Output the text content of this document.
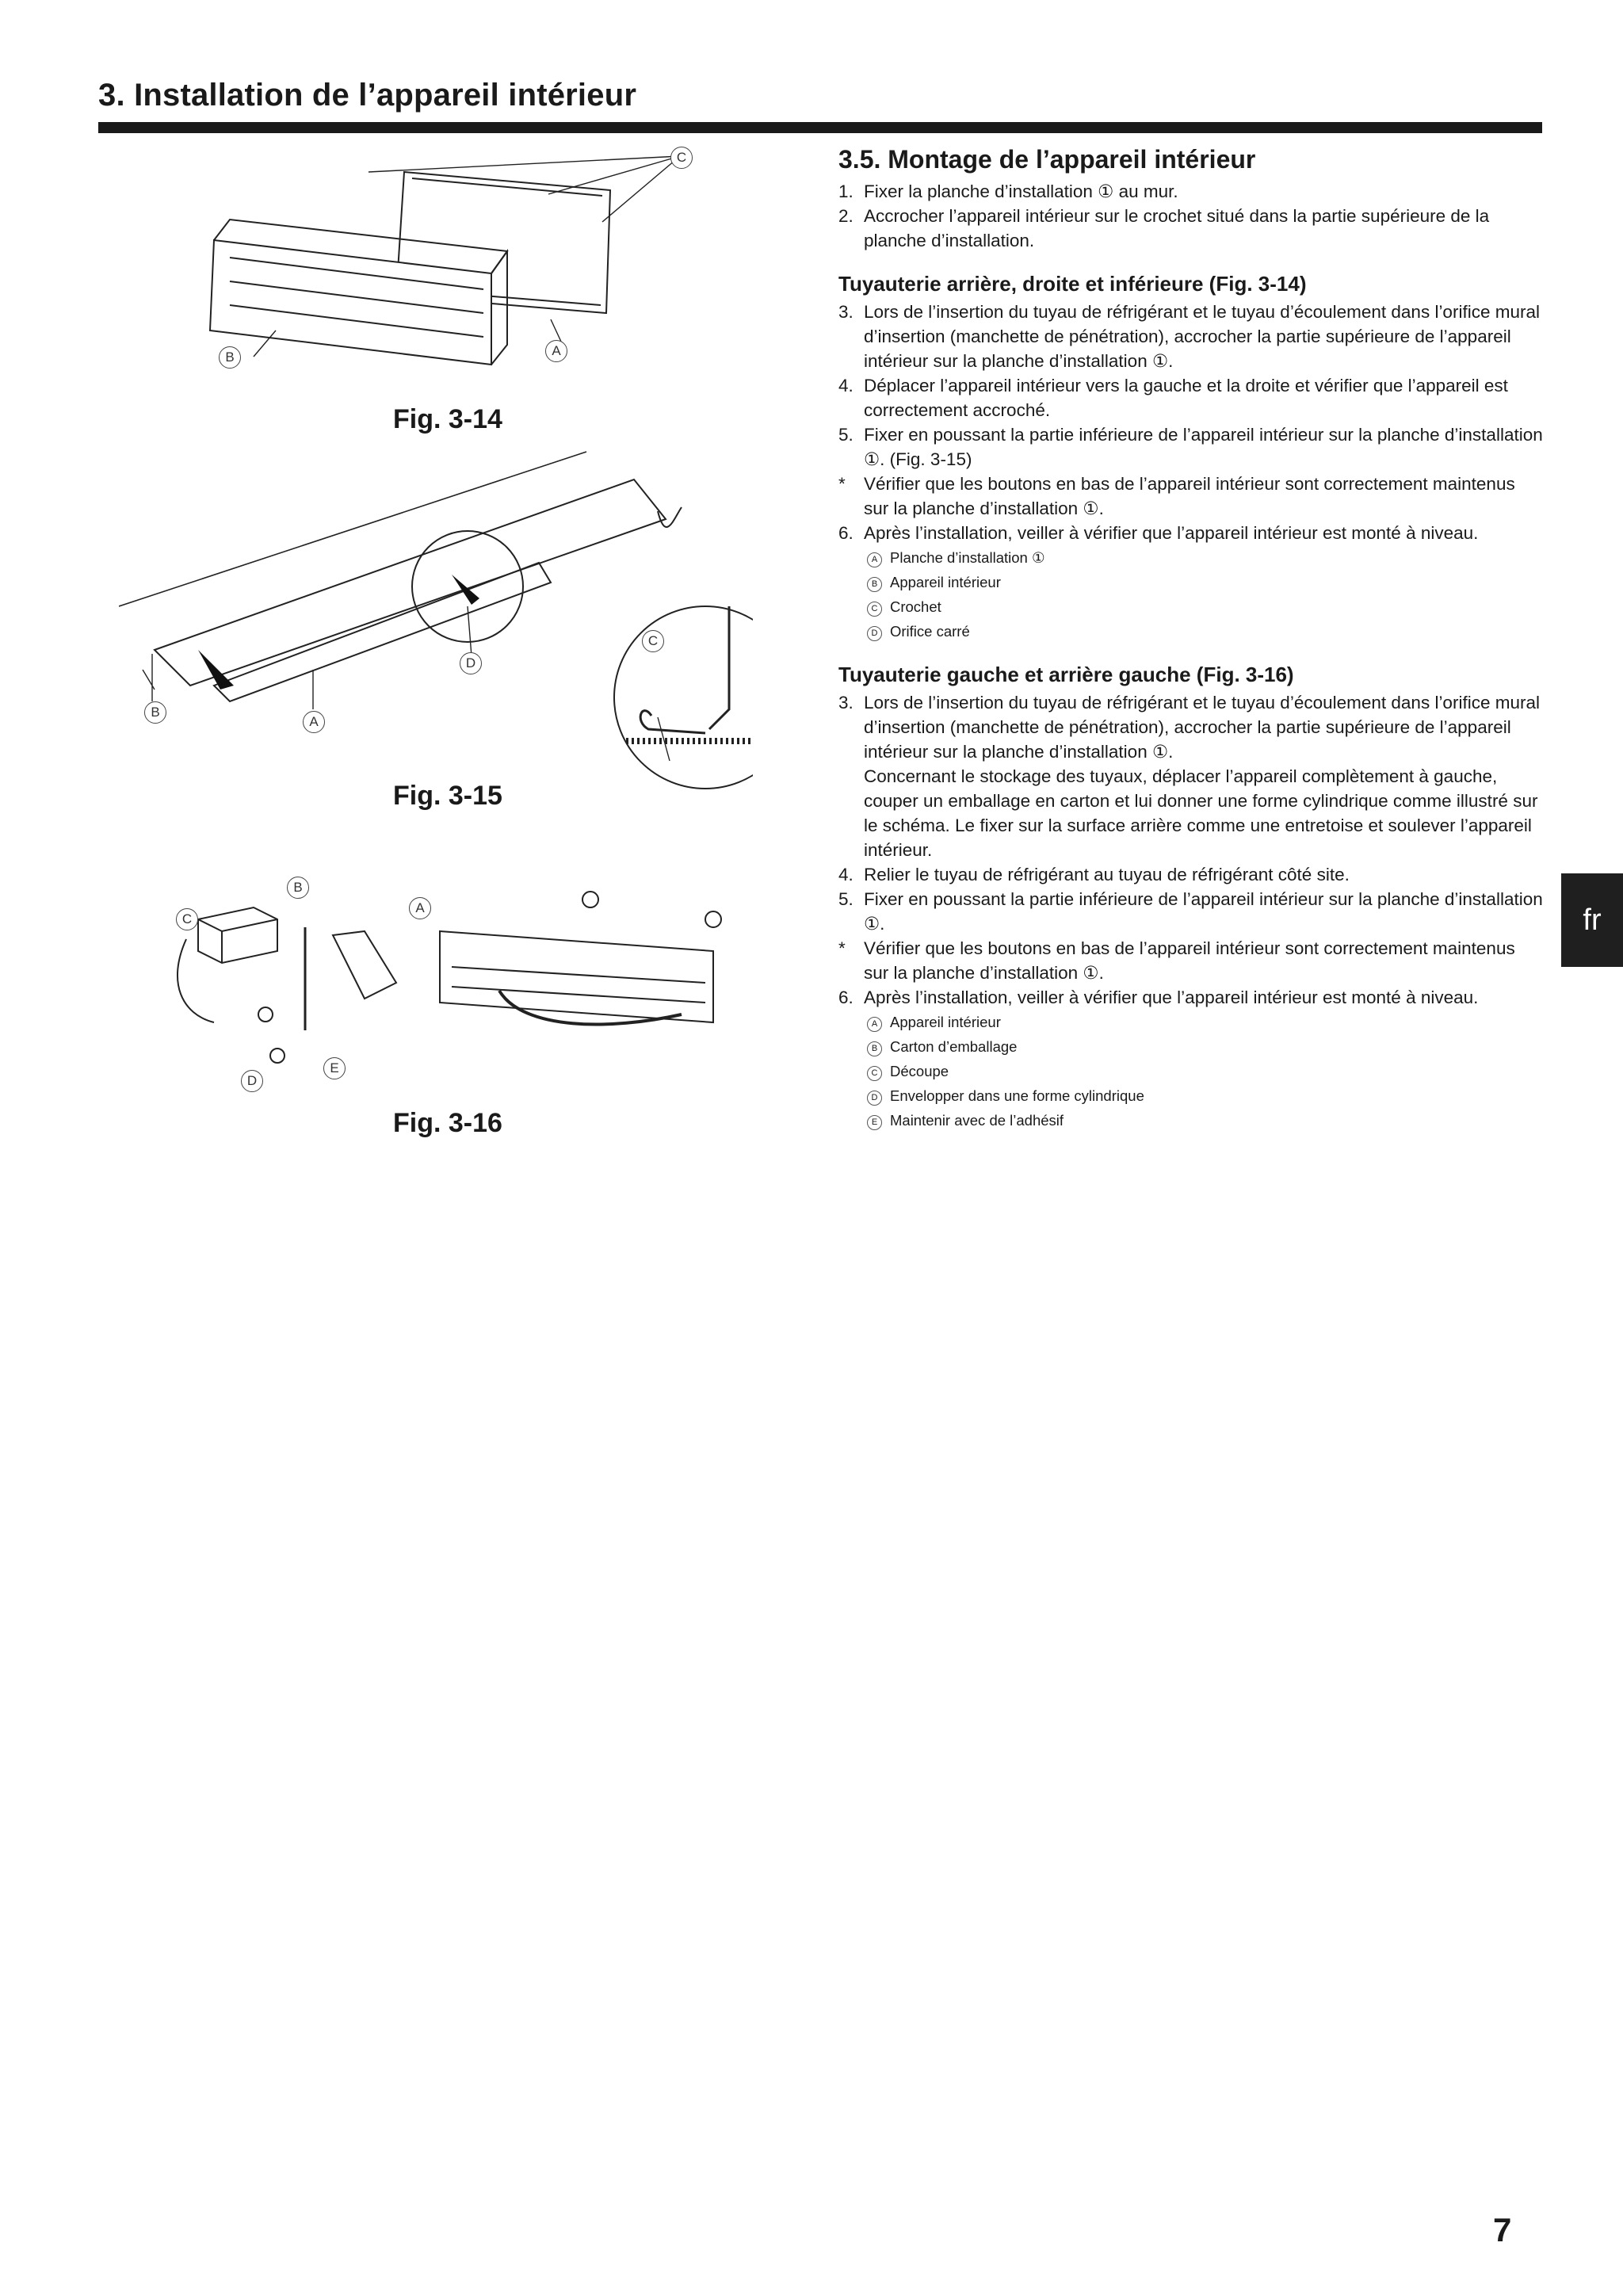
3. Installation de l’appareil intérieur
C
B	A
Fig. 3-14
C
D
B
A
Fig. 3-15
B
C
A
E
D
Fig. 3-16
3.5. Montage de l’appareil intérieur
1. Fixer la planche d’installation ① au mur.
2. Accrocher l’appareil intérieur sur le crochet situé dans la partie supérieure de la planche d’installation.
Tuyauterie arrière, droite et inférieure (Fig. 3-14)
3. Lors de l’insertion du tuyau de réfrigérant et le tuyau d’écoulement dans l’orifice mural d’insertion (manchette de pénétration), accrocher la partie supérieure de l’appareil intérieur sur la planche d’installation ①.
4. Déplacer l’appareil intérieur vers la gauche et la droite et vérifier que l’appareil est correctement accroché.
5. Fixer en poussant la partie inférieure de l’appareil intérieur sur la planche d’installation ①. (Fig. 3-15)
* Vérifier que les boutons en bas de l’appareil intérieur sont correctement maintenus sur la planche d’installation ①.
6. Après l’installation, veiller à vérifier que l’appareil intérieur est monté à niveau.
A Planche d’installation ①
B Appareil intérieur
C Crochet
D Orifice carré
Tuyauterie gauche et arrière gauche (Fig. 3-16)
3. Lors de l’insertion du tuyau de réfrigérant et le tuyau d’écoulement dans l’orifice mural d’insertion (manchette de pénétration), accrocher la partie supérieure de l’appareil intérieur sur la planche d’installation ①.
Concernant le stockage des tuyaux, déplacer l’appareil complètement à gauche, couper un emballage en carton et lui donner une forme cylindrique comme illustré sur le schéma. Le fixer sur la surface arrière comme une entretoise et soulever l’appareil intérieur.
4. Relier le tuyau de réfrigérant au tuyau de réfrigérant côté site.
5. Fixer en poussant la partie inférieure de l’appareil intérieur sur la planche d’installation ①.
* Vérifier que les boutons en bas de l’appareil intérieur sont correctement maintenus sur la planche d’installation ①.
6. Après l’installation, veiller à vérifier que l’appareil intérieur est monté à niveau.
A Appareil intérieur
B Carton d’emballage
C Découpe
D Envelopper dans une forme cylindrique
E Maintenir avec de l’adhésif
fr
7
